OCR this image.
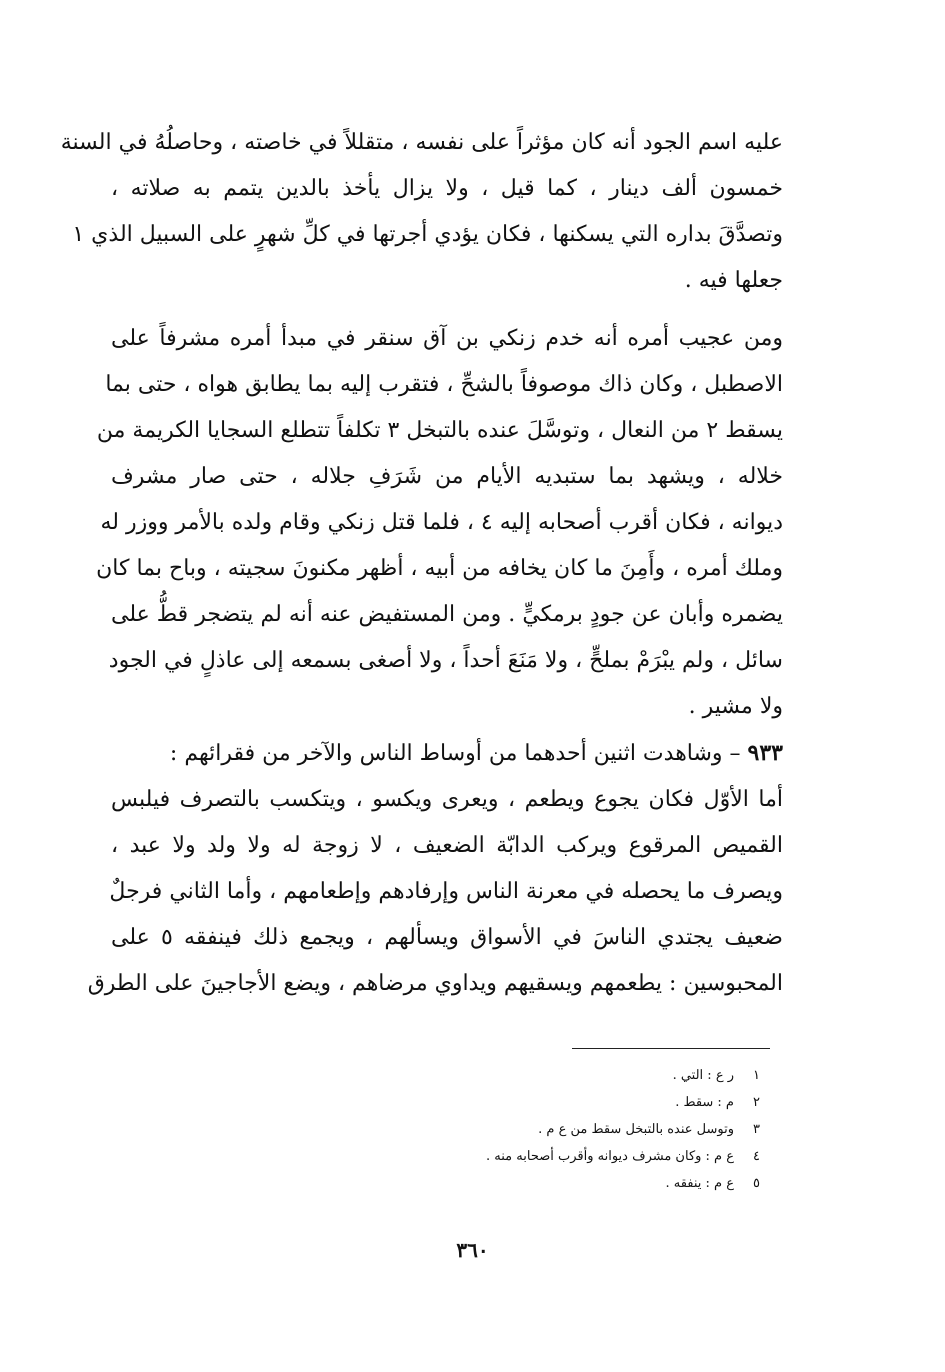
عليه اسم الجود أنه كان مؤثراً على نفسه ، متقللاً في خاصته ، وحاصلُهُ في السنة
خمسون ألف دينار ، كما قيل ، ولا يزال يأخذ بالدين يتمم به صلاته ،
وتصدَّقَ بداره التي يسكنها ، فكان يؤدي أجرتها في كلِّ شهرٍ على السبيل الذي ١
جعلها فيه .
ومن عجيب أمره أنه خدم زنكي بن آق سنقر في مبدأ أمره مشرفاً على
الاصطبل ، وكان ذاك موصوفاً بالشحِّ ، فتقرب إليه بما يطابق هواه ، حتى بما
يسقط ٢ من النعال ، وتوسَّلَ عنده بالتبخل ٣ تكلفاً تتطلع السجايا الكريمة من
خلاله ، ويشهد بما ستبديه الأيام من شَرَفِ جلاله ، حتى صار مشرف
ديوانه ، فكان أقرب أصحابه إليه ٤ ، فلما قتل زنكي وقام ولده بالأمر ووزر له
وملك أمره ، وأَمِنَ ما كان يخافه من أبيه ، أظهر مكنونَ سجيته ، وباح بما كان
يضمره وأبان عن جودٍ برمكيٍّ . ومن المستفيض عنه أنه لم يتضجر قطُّ على
سائل ، ولم يبْرَمْ بملحٍّ ، ولا مَنَعَ أحداً ، ولا أصغى بسمعه إلى عاذلٍ في الجود
ولا مشير .
٩٣٣ – وشاهدت اثنين أحدهما من أوساط الناس والآخر من فقرائهم :
أما الأوّل فكان يجوع ويطعم ، ويعرى ويكسو ، ويتكسب بالتصرف فيلبس
القميص المرقوع ويركب الدابّة الضعيف ، لا زوجة له ولا ولد ولا عبد ،
ويصرف ما يحصله في معرنة الناس وإرفادهم وإطعامهم ، وأما الثاني فرجلٌ
ضعيف يجتدي الناسَ في الأسواق ويسألهم ، ويجمع ذلك فينفقه ٥ على
المحبوسين : يطعمهم ويسقيهم ويداوي مرضاهم ، ويضع الأجاجينَ على الطرق
١ر ع : التي .
٢م : سقط .
٣وتوسل عنده بالتبخل سقط من ع م .
٤ع م : وكان مشرف ديوانه وأقرب أصحابه منه .
٥ع م : ينفقه .
٣٦٠
